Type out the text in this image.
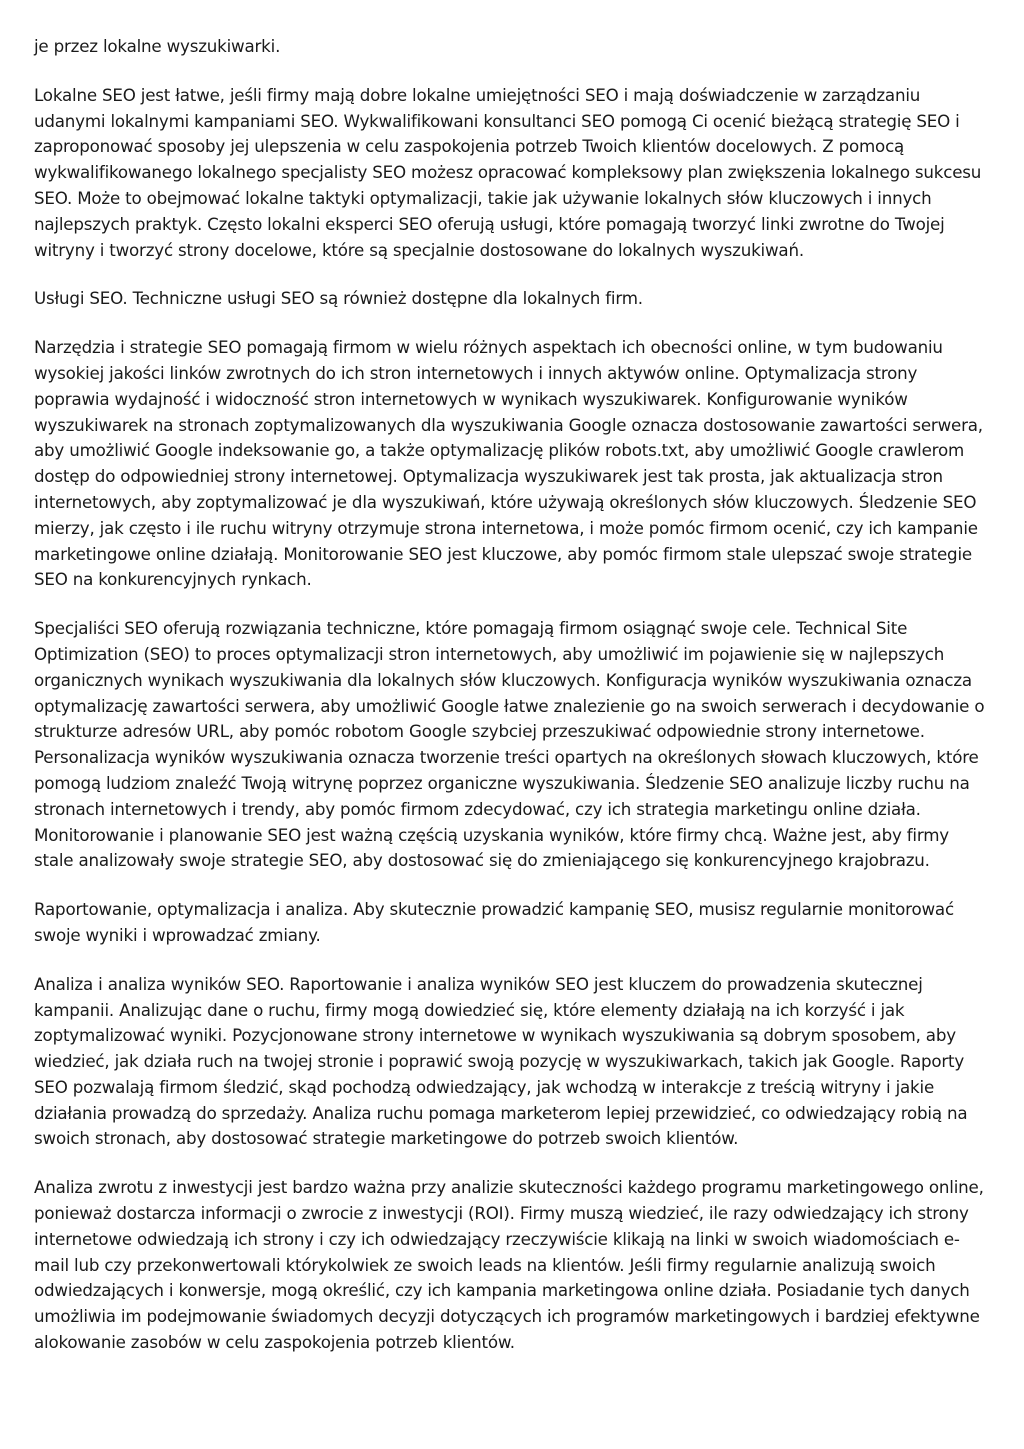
je przez lokalne wyszukiwarki.

Lokalne SEO jest łatwe, jeśli firmy mają dobre lokalne umiejętności SEO i mają doświadczenie w zarządzaniu udanymi lokalnymi kampaniami SEO. Wykwalifikowani konsultanci SEO pomogą Ci ocenić bieżącą strategię SEO i zaproponować sposoby jej ulepszenia w celu zaspokojenia potrzeb Twoich klientów docelowych. Z pomocą wykwalifikowanego lokalnego specjalisty SEO możesz opracować kompleksowy plan zwiększenia lokalnego sukcesu SEO. Może to obejmować lokalne taktyki optymalizacji, takie jak używanie lokalnych słów kluczowych i innych najlepszych praktyk. Często lokalni eksperci SEO oferują usługi, które pomagają tworzyć linki zwrotne do Twojej witryny i tworzyć strony docelowe, które są specjalnie dostosowane do lokalnych wyszukiwań.

Usługi SEO. Techniczne usługi SEO są również dostępne dla lokalnych firm.

Narzędzia i strategie SEO pomagają firmom w wielu różnych aspektach ich obecności online, w tym budowaniu wysokiej jakości linków zwrotnych do ich stron internetowych i innych aktywów online. Optymalizacja strony poprawia wydajność i widoczność stron internetowych w wynikach wyszukiwarek. Konfigurowanie wyników wyszukiwarek na stronach zoptymalizowanych dla wyszukiwania Google oznacza dostosowanie zawartości serwera, aby umożliwić Google indeksowanie go, a także optymalizację plików robots.txt, aby umożliwić Google crawlerom dostęp do odpowiedniej strony internetowej. Optymalizacja wyszukiwarek jest tak prosta, jak aktualizacja stron internetowych, aby zoptymalizować je dla wyszukiwań, które używają określonych słów kluczowych. Śledzenie SEO mierzy, jak często i ile ruchu witryny otrzymuje strona internetowa, i może pomóc firmom ocenić, czy ich kampanie marketingowe online działają. Monitorowanie SEO jest kluczowe, aby pomóc firmom stale ulepszać swoje strategie SEO na konkurencyjnych rynkach.

Specjaliści SEO oferują rozwiązania techniczne, które pomagają firmom osiągnąć swoje cele. Technical Site Optimization (SEO) to proces optymalizacji stron internetowych, aby umożliwić im pojawienie się w najlepszych organicznych wynikach wyszukiwania dla lokalnych słów kluczowych. Konfiguracja wyników wyszukiwania oznacza optymalizację zawartości serwera, aby umożliwić Google łatwe znalezienie go na swoich serwerach i decydowanie o strukturze adresów URL, aby pomóc robotom Google szybciej przeszukiwać odpowiednie strony internetowe. Personalizacja wyników wyszukiwania oznacza tworzenie treści opartych na określonych słowach kluczowych, które pomogą ludziom znaleźć Twoją witrynę poprzez organiczne wyszukiwania. Śledzenie SEO analizuje liczby ruchu na stronach internetowych i trendy, aby pomóc firmom zdecydować, czy ich strategia marketingu online działa. Monitorowanie i planowanie SEO jest ważną częścią uzyskania wyników, które firmy chcą. Ważne jest, aby firmy stale analizowały swoje strategie SEO, aby dostosować się do zmieniającego się konkurencyjnego krajobrazu.

Raportowanie, optymalizacja i analiza. Aby skutecznie prowadzić kampanię SEO, musisz regularnie monitorować swoje wyniki i wprowadzać zmiany.

Analiza i analiza wyników SEO. Raportowanie i analiza wyników SEO jest kluczem do prowadzenia skutecznej kampanii. Analizując dane o ruchu, firmy mogą dowiedzieć się, które elementy działają na ich korzyść i jak zoptymalizować wyniki. Pozycjonowane strony internetowe w wynikach wyszukiwania są dobrym sposobem, aby wiedzieć, jak działa ruch na twojej stronie i poprawić swoją pozycję w wyszukiwarkach, takich jak Google. Raporty SEO pozwalają firmom śledzić, skąd pochodzą odwiedzający, jak wchodzą w interakcje z treścią witryny i jakie działania prowadzą do sprzedaży. Analiza ruchu pomaga marketerom lepiej przewidzieć, co odwiedzający robią na swoich stronach, aby dostosować strategie marketingowe do potrzeb swoich klientów.

Analiza zwrotu z inwestycji jest bardzo ważna przy analizie skuteczności każdego programu marketingowego online, ponieważ dostarcza informacji o zwrocie z inwestycji (ROI). Firmy muszą wiedzieć, ile razy odwiedzający ich strony internetowe odwiedzają ich strony i czy ich odwiedzający rzeczywiście klikają na linki w swoich wiadomościach e-mail lub czy przekonwertowali którykolwiek ze swoich leads na klientów. Jeśli firmy regularnie analizują swoich odwiedzających i konwersje, mogą określić, czy ich kampania marketingowa online działa. Posiadanie tych danych umożliwia im podejmowanie świadomych decyzji dotyczących ich programów marketingowych i bardziej efektywne alokowanie zasobów w celu zaspokojenia potrzeb klientów.
